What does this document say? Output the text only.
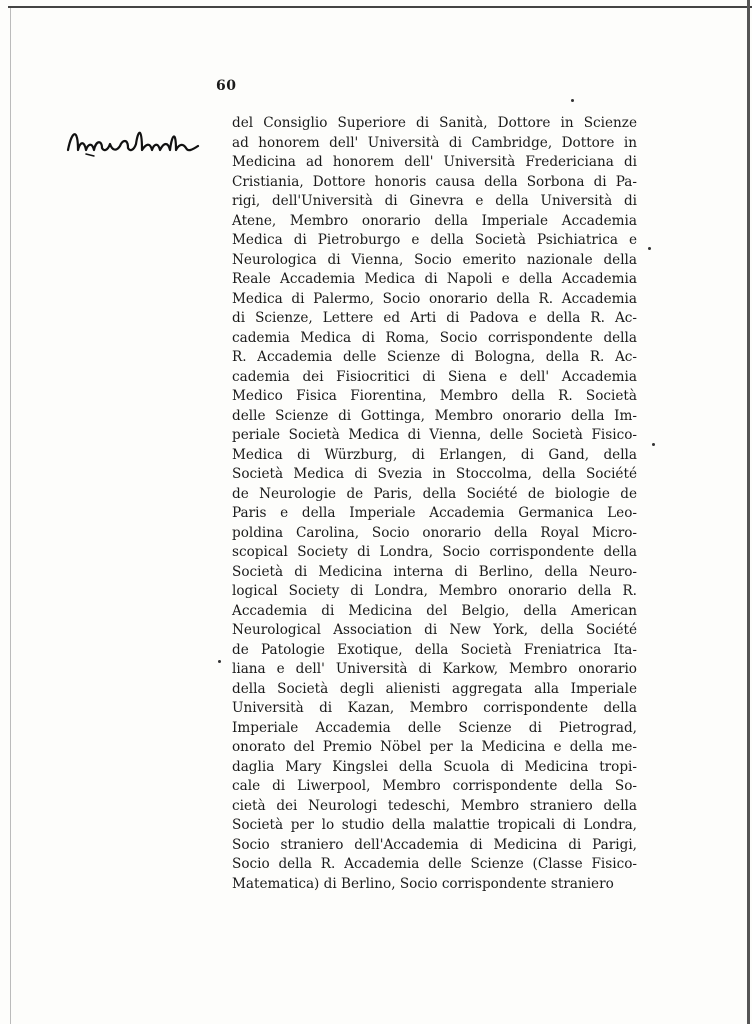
60
del Consiglio Superiore di Sanità, Dottore in Scienze
ad honorem dell' Università di Cambridge, Dottore in
Medicina ad honorem dell' Università Fredericiana di
Cristiania, Dottore honoris causa della Sorbona di Pa-
rigi, dell'Università di Ginevra e della Università di
Atene, Membro onorario della Imperiale Accademia
Medica di Pietroburgo e della Società Psichiatrica e
Neurologica di Vienna, Socio emerito nazionale della
Reale Accademia Medica di Napoli e della Accademia
Medica di Palermo, Socio onorario della R. Accademia
di Scienze, Lettere ed Arti di Padova e della R. Ac-
cademia Medica di Roma, Socio corrispondente della
R. Accademia delle Scienze di Bologna, della R. Ac-
cademia dei Fisiocritici di Siena e dell' Accademia
Medico Fisica Fiorentina, Membro della R. Società
delle Scienze di Gottinga, Membro onorario della Im-
periale Società Medica di Vienna, delle Società Fisico-
Medica di Würzburg, di Erlangen, di Gand, della
Società Medica di Svezia in Stoccolma, della Société
de Neurologie de Paris, della Société de biologie de
Paris e della Imperiale Accademia Germanica Leo-
poldina Carolina, Socio onorario della Royal Micro-
scopical Society di Londra, Socio corrispondente della
Società di Medicina interna di Berlino, della Neuro-
logical Society di Londra, Membro onorario della R.
Accademia di Medicina del Belgio, della American
Neurological Association di New York, della Société
de Patologie Exotique, della Società Freniatrica Ita-
liana e dell' Università di Karkow, Membro onorario
della Società degli alienisti aggregata alla Imperiale
Università di Kazan, Membro corrispondente della
Imperiale Accademia delle Scienze di Pietrograd,
onorato del Premio Nöbel per la Medicina e della me-
daglia Mary Kingslei della Scuola di Medicina tropi-
cale di Liwerpool, Membro corrispondente della So-
cietà dei Neurologi tedeschi, Membro straniero della
Società per lo studio della malattie tropicali di Londra,
Socio straniero dell'Accademia di Medicina di Parigi,
Socio della R. Accademia delle Scienze (Classe Fisico-
Matematica) di Berlino, Socio corrispondente straniero
